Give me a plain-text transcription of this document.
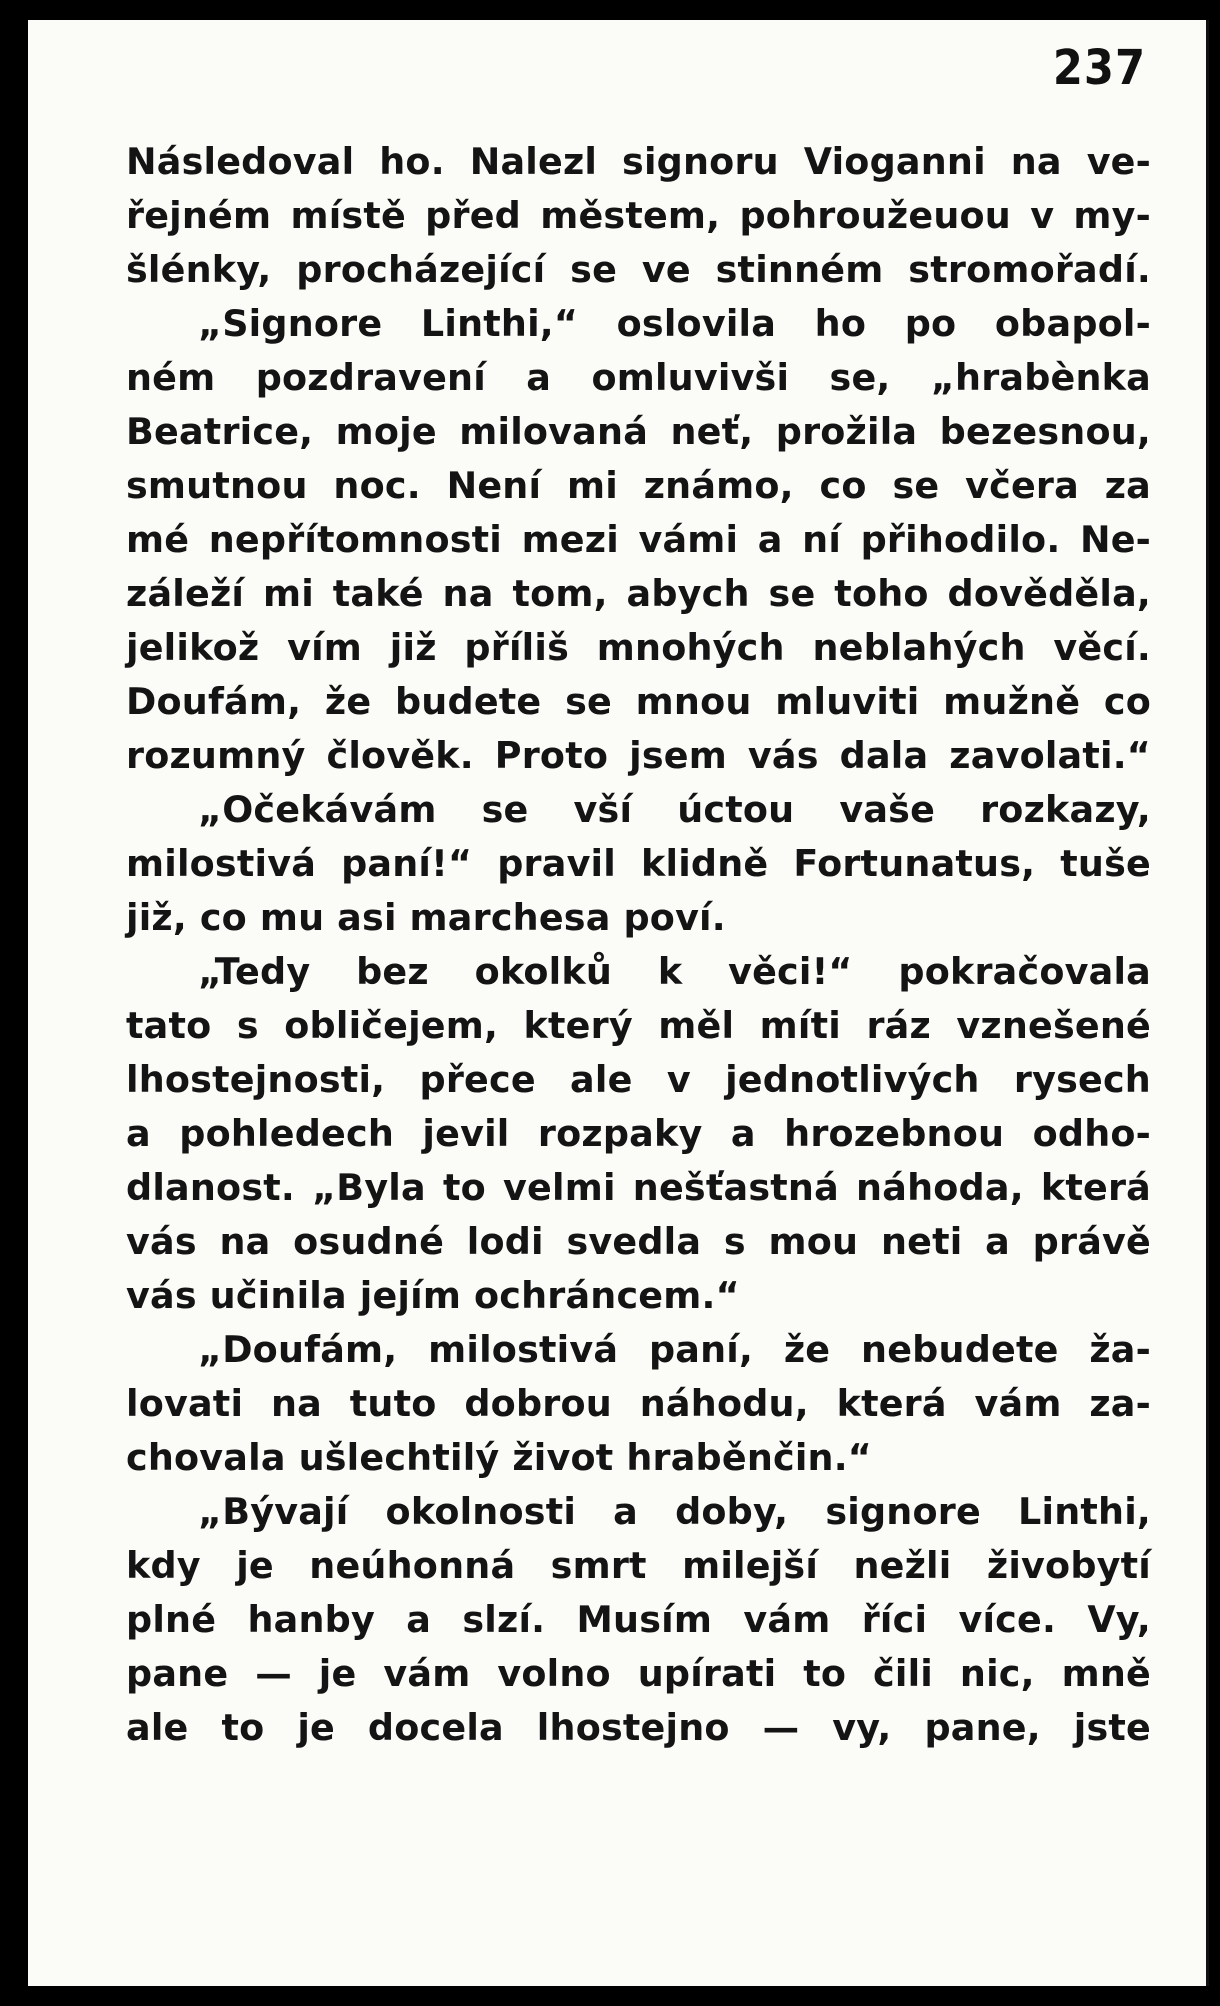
237
Následoval ho. Nalezl signoru Vioganni na ve-
řejném místě před městem, pohroužeuou v my-
šlénky, procházející se ve stinném stromořadí.
„Signore Linthi,“ oslovila ho po obapol-
ném pozdravení a omluvivši se, „hrabènka
Beatrice, moje milovaná neť, prožila bezesnou,
smutnou noc. Není mi známo, co se včera za
mé nepřítomnosti mezi vámi a ní přihodilo. Ne-
záleží mi také na tom, abych se toho dověděla,
jelikož vím již příliš mnohých neblahých věcí.
Doufám, že budete se mnou mluviti mužně co
rozumný člověk. Proto jsem vás dala zavolati.“
„Očekávám se vší úctou vaše rozkazy,
milostivá paní!“ pravil klidně Fortunatus, tuše
již, co mu asi marchesa poví.
„Tedy bez okolků k věci!“ pokračovala
tato s obličejem, který měl míti ráz vznešené
lhostejnosti, přece ale v jednotlivých rysech
a pohledech jevil rozpaky a hrozebnou odho-
dlanost. „Byla to velmi nešťastná náhoda, která
vás na osudné lodi svedla s mou neti a právě
vás učinila jejím ochráncem.“
„Doufám, milostivá paní, že nebudete ža-
lovati na tuto dobrou náhodu, která vám za-
chovala ušlechtilý život hraběnčin.“
„Bývají okolnosti a doby, signore Linthi,
kdy je neúhonná smrt milejší nežli živobytí
plné hanby a slzí. Musím vám říci více. Vy,
pane — je vám volno upírati to čili nic, mně
ale to je docela lhostejno — vy, pane, jste
